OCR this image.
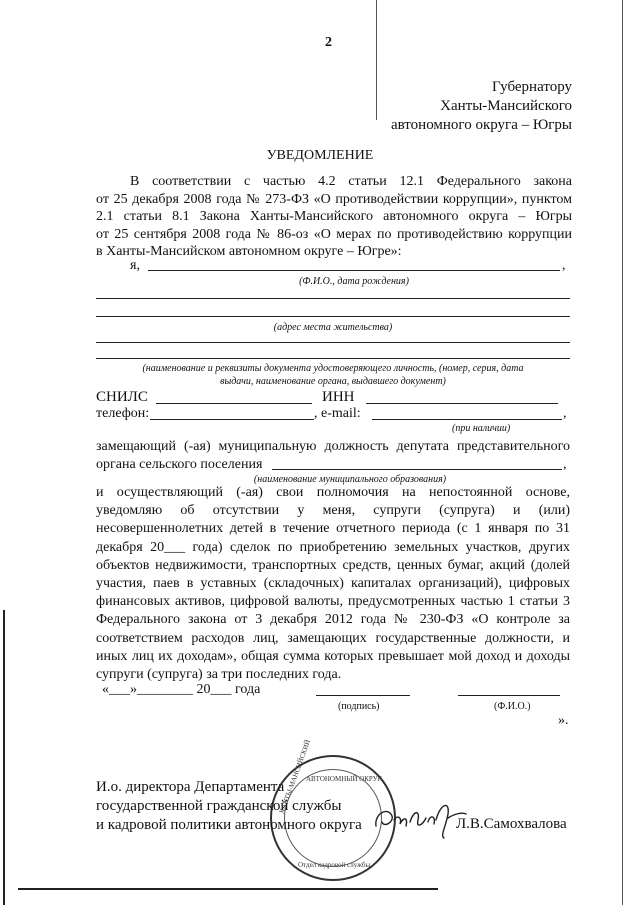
2
Губернатору
Ханты-Мансийского
автономного округа – Югры
УВЕДОМЛЕНИЕ
В соответствии с частью 4.2 статьи 12.1 Федерального закона
от 25 декабря 2008 года № 273-ФЗ «О противодействии коррупции», пунктом
2.1 статьи 8.1 Закона Ханты-Мансийского автономного округа – Югры
от 25 сентября 2008 года № 86-оз «О мерах по противодействию коррупции
в Ханты-Мансийском автономном округе – Югре»:
я,	,
(Ф.И.О., дата рождения)
(адрес места жительства)
(наименование и реквизиты документа удостоверяющего личность, (номер, серия, дата
выдачи, наименование органа, выдавшего документ)
СНИЛС	ИНН
телефон:	, e-mail:	,
(при наличии)
замещающий (-ая) муниципальную должность депутата представительного
органа сельского поселения	,
(наименование муниципального образования)
и осуществляющий (-ая) свои полномочия на непостоянной основе,
уведомляю об отсутствии у меня, супруги (супруга) и (или)
несовершеннолетних детей в течение отчетного периода (с 1 января по 31
декабря 20___ года) сделок по приобретению земельных участков, других
объектов недвижимости, транспортных средств, ценных бумаг, акций (долей
участия, паев в уставных (складочных) капиталах организаций), цифровых
финансовых активов, цифровой валюты, предусмотренных частью 1 статьи 3
Федерального закона от 3 декабря 2012 года № 230-ФЗ «О контроле за
соответствием расходов лиц, замещающих государственные должности, и
иных лиц их доходам», общая сумма которых превышает мой доход и доходы
супруги (супруга) за три последних года.
«___»________ 20___ года
(подпись)	(Ф.И.О.)
».
АВТОНОМНЫЙ ОКРУГ
ХАНТЫ-МАНСИЙСКИЙ
Отдел кадровой службы
И.о. директора Департамента
государственной гражданской службы
и кадровой политики автономного округа	Л.В.Самохвалова
